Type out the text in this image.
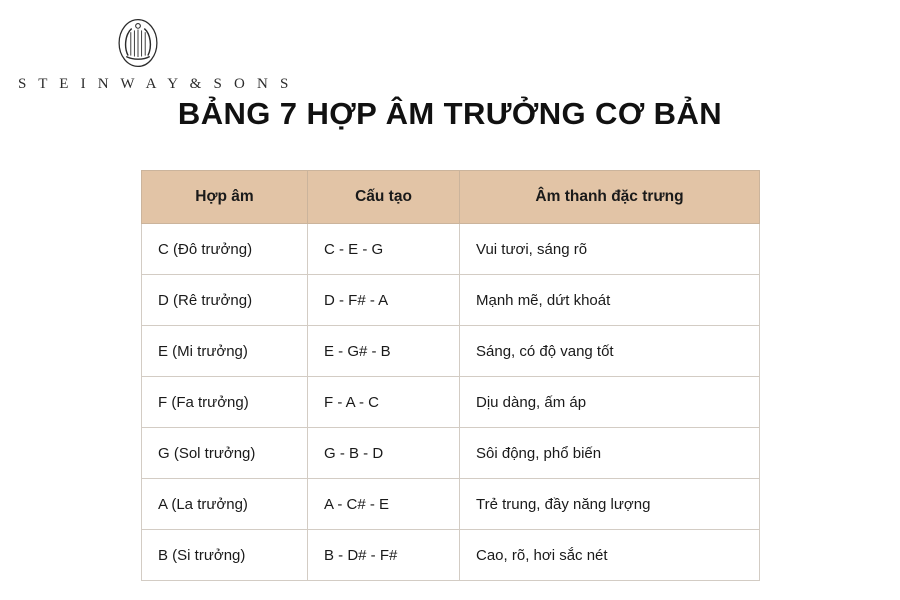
S T E I N W A Y & S O N S
BẢNG 7 HỢP ÂM TRƯỞNG CƠ BẢN
Hợp âm	Cấu tạo	Âm thanh đặc trưng
C (Đô trưởng)	C - E - G	Vui tươi, sáng rõ
D (Rê trưởng)	D - F# - A	Mạnh mẽ, dứt khoát
E (Mi trưởng)	E - G# - B	Sáng, có độ vang tốt
F (Fa trưởng)	F - A - C	Dịu dàng, ấm áp
G (Sol trưởng)	G - B - D	Sôi động, phổ biến
A (La trưởng)	A - C# - E	Trẻ trung, đầy năng lượng
B (Si trưởng)	B - D# - F#	Cao, rõ, hơi sắc nét
